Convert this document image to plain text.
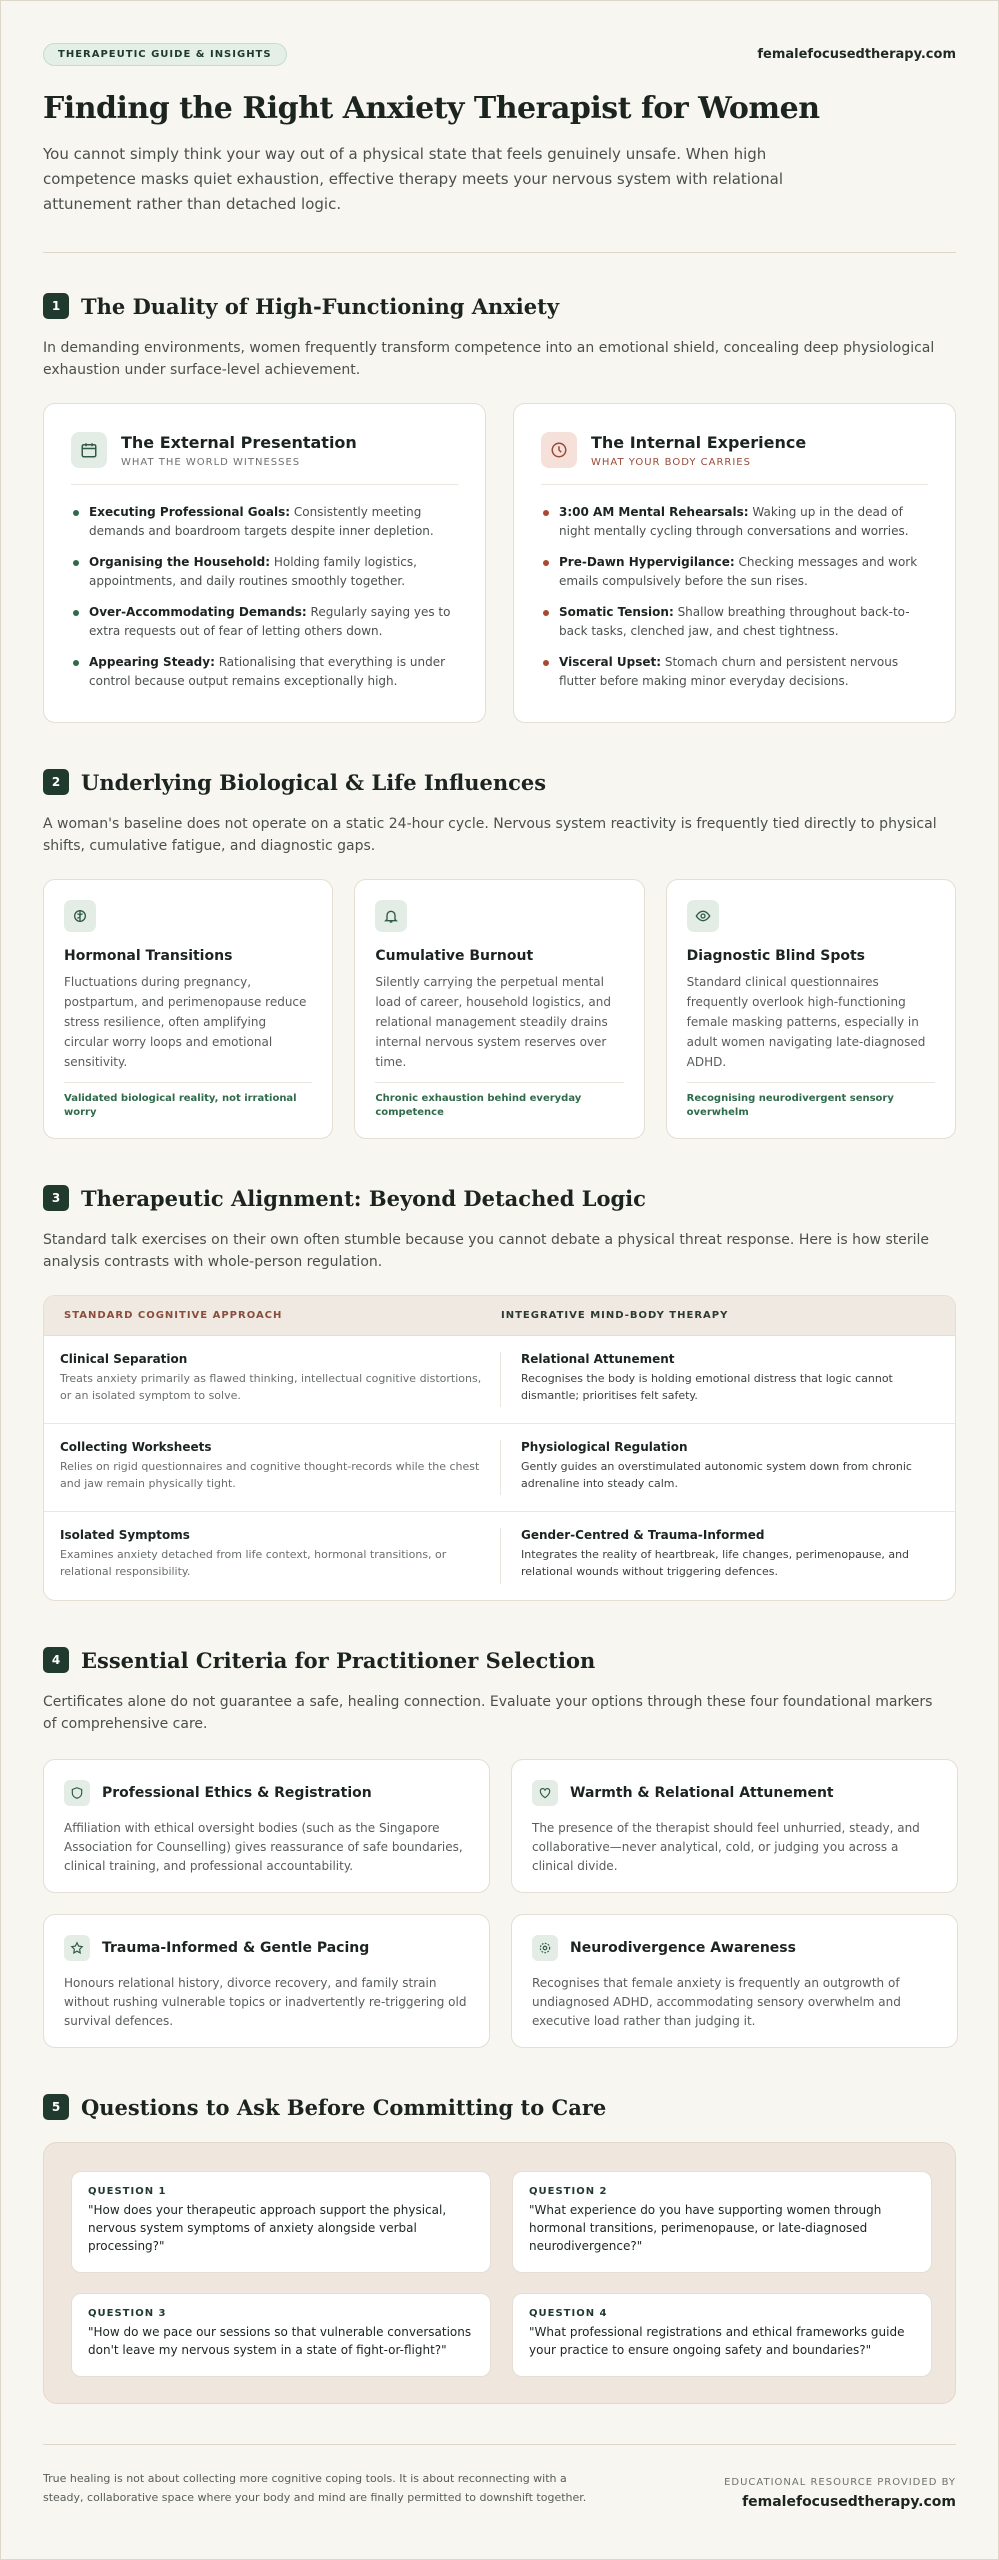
THERAPEUTIC GUIDE & INSIGHTS	femalefocusedtherapy.com
Finding the Right Anxiety Therapist for Women

You cannot simply think your way out of a physical state that feels genuinely unsafe. When high competence masks quiet exhaustion, effective therapy meets your nervous system with relational attunement rather than detached logic.

1 The Duality of High-Functioning Anxiety

In demanding environments, women frequently transform competence into an emotional shield, concealing deep physiological exhaustion under surface-level achievement.

The External Presentation
WHAT THE WORLD WITNESSES
Executing Professional Goals: Consistently meeting demands and boardroom targets despite inner depletion.
Organising the Household: Holding family logistics, appointments, and daily routines smoothly together.
Over-Accommodating Demands: Regularly saying yes to extra requests out of fear of letting others down.
Appearing Steady: Rationalising that everything is under control because output remains exceptionally high.
The Internal Experience
WHAT YOUR BODY CARRIES
3:00 AM Mental Rehearsals: Waking up in the dead of night mentally cycling through conversations and worries.
Pre-Dawn Hypervigilance: Checking messages and work emails compulsively before the sun rises.
Somatic Tension: Shallow breathing throughout back-to-back tasks, clenched jaw, and chest tightness.
Visceral Upset: Stomach churn and persistent nervous flutter before making minor everyday decisions.
2 Underlying Biological & Life Influences

A woman's baseline does not operate on a static 24-hour cycle. Nervous system reactivity is frequently tied directly to physical shifts, cumulative fatigue, and diagnostic gaps.

Hormonal Transitions
Fluctuations during pregnancy, postpartum, and perimenopause reduce stress resilience, often amplifying circular worry loops and emotional sensitivity.
Validated biological reality, not irrational worry
Cumulative Burnout
Silently carrying the perpetual mental load of career, household logistics, and relational management steadily drains internal nervous system reserves over time.
Chronic exhaustion behind everyday competence
Diagnostic Blind Spots
Standard clinical questionnaires frequently overlook high-functioning female masking patterns, especially in adult women navigating late-diagnosed ADHD.
Recognising neurodivergent sensory overwhelm
3 Therapeutic Alignment: Beyond Detached Logic

Standard talk exercises on their own often stumble because you cannot debate a physical threat response. Here is how sterile analysis contrasts with whole-person regulation.

STANDARD COGNITIVE APPROACH	INTEGRATIVE MIND-BODY THERAPY
Clinical Separation
Treats anxiety primarily as flawed thinking, intellectual cognitive distortions, or an isolated symptom to solve.
Relational Attunement
Recognises the body is holding emotional distress that logic cannot dismantle; prioritises felt safety.
Collecting Worksheets
Relies on rigid questionnaires and cognitive thought-records while the chest and jaw remain physically tight.
Physiological Regulation
Gently guides an overstimulated autonomic system down from chronic adrenaline into steady calm.
Isolated Symptoms
Examines anxiety detached from life context, hormonal transitions, or relational responsibility.
Gender-Centred & Trauma-Informed
Integrates the reality of heartbreak, life changes, perimenopause, and relational wounds without triggering defences.
4 Essential Criteria for Practitioner Selection

Certificates alone do not guarantee a safe, healing connection. Evaluate your options through these four foundational markers of comprehensive care.

Professional Ethics & Registration
Affiliation with ethical oversight bodies (such as the Singapore Association for Counselling) gives reassurance of safe boundaries, clinical training, and professional accountability.
Warmth & Relational Attunement
The presence of the therapist should feel unhurried, steady, and collaborative—never analytical, cold, or judging you across a clinical divide.
Trauma-Informed & Gentle Pacing
Honours relational history, divorce recovery, and family strain without rushing vulnerable topics or inadvertently re-triggering old survival defences.
Neurodivergence Awareness
Recognises that female anxiety is frequently an outgrowth of undiagnosed ADHD, accommodating sensory overwhelm and executive load rather than judging it.
5 Questions to Ask Before Committing to Care
QUESTION 1
"How does your therapeutic approach support the physical, nervous system symptoms of anxiety alongside verbal processing?"
QUESTION 2
"What experience do you have supporting women through hormonal transitions, perimenopause, or late-diagnosed neurodivergence?"
QUESTION 3
"How do we pace our sessions so that vulnerable conversations don't leave my nervous system in a state of fight-or-flight?"
QUESTION 4
"What professional registrations and ethical frameworks guide your practice to ensure ongoing safety and boundaries?"

True healing is not about collecting more cognitive coping tools. It is about reconnecting with a steady, collaborative space where your body and mind are finally permitted to downshift together.

EDUCATIONAL RESOURCE PROVIDED BY
femalefocusedtherapy.com
